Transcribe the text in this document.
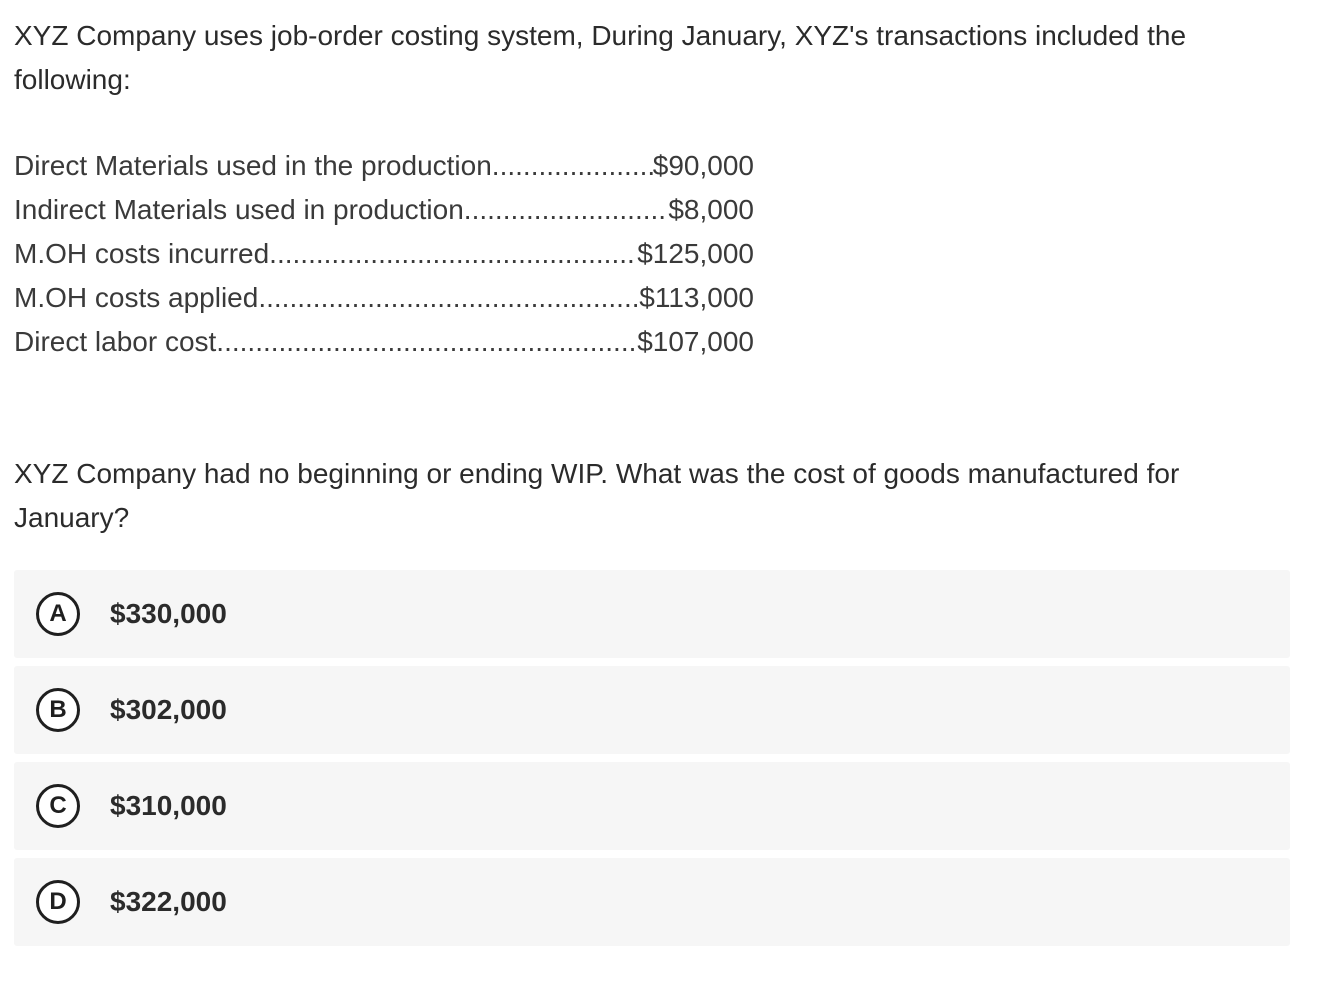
XYZ Company uses job-order costing system, During January, XYZ's transactions included the following:

Direct Materials used in the production .....	$90,000
Indirect Materials used in production .....	$8,000
M.OH costs incurred .....	$125,000
M.OH costs applied .....	$113,000
Direct labor cost .....	$107,000

XYZ Company had no beginning or ending WIP. What was the cost of goods manufactured for January?

A	$330,000
B	$302,000
C	$310,000
D	$322,000
